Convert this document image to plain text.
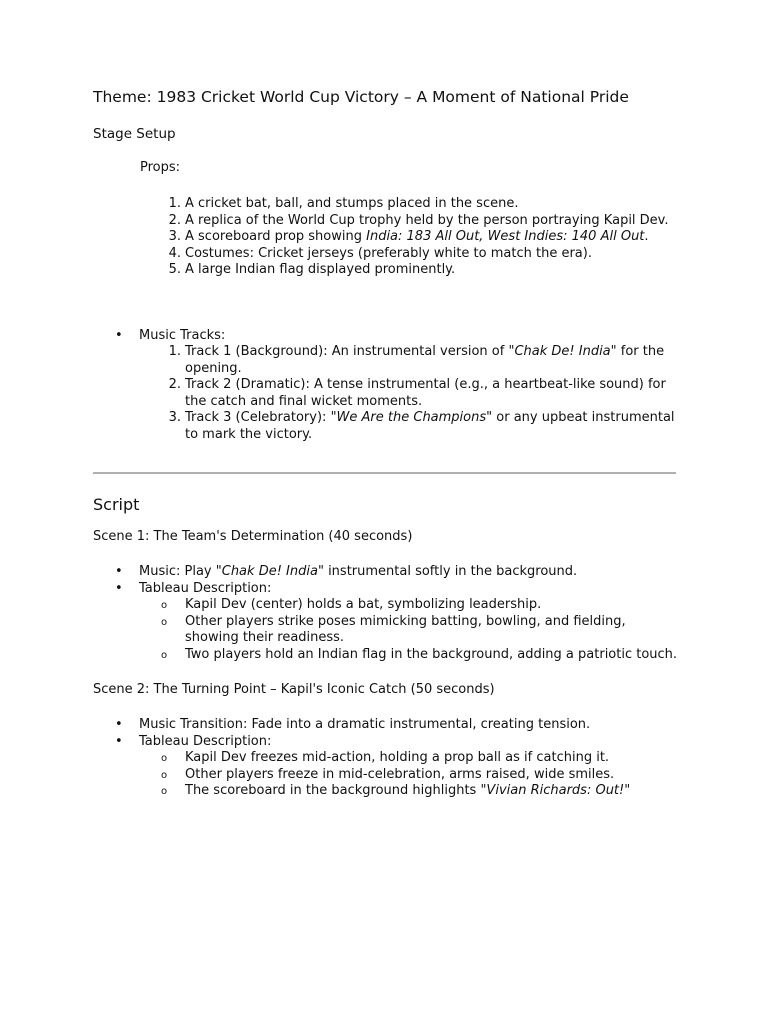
Theme: 1983 Cricket World Cup Victory – A Moment of National Pride
Stage Setup
Props:
1. A cricket bat, ball, and stumps placed in the scene.
2. A replica of the World Cup trophy held by the person portraying Kapil Dev.
3. A scoreboard prop showing India: 183 All Out, West Indies: 140 All Out.
4. Costumes: Cricket jerseys (preferably white to match the era).
5. A large Indian flag displayed prominently.
• Music Tracks:
1. Track 1 (Background): An instrumental version of "Chak De! India" for the opening.
2. Track 2 (Dramatic): A tense instrumental (e.g., a heartbeat-like sound) for the catch and final wicket moments.
3. Track 3 (Celebratory): "We Are the Champions" or any upbeat instrumental to mark the victory.
Script
Scene 1: The Team's Determination (40 seconds)
• Music: Play "Chak De! India" instrumental softly in the background.
• Tableau Description:
o Kapil Dev (center) holds a bat, symbolizing leadership.
o Other players strike poses mimicking batting, bowling, and fielding, showing their readiness.
o Two players hold an Indian flag in the background, adding a patriotic touch.
Scene 2: The Turning Point – Kapil's Iconic Catch (50 seconds)
• Music Transition: Fade into a dramatic instrumental, creating tension.
• Tableau Description:
o Kapil Dev freezes mid-action, holding a prop ball as if catching it.
o Other players freeze in mid-celebration, arms raised, wide smiles.
o The scoreboard in the background highlights "Vivian Richards: Out!"
